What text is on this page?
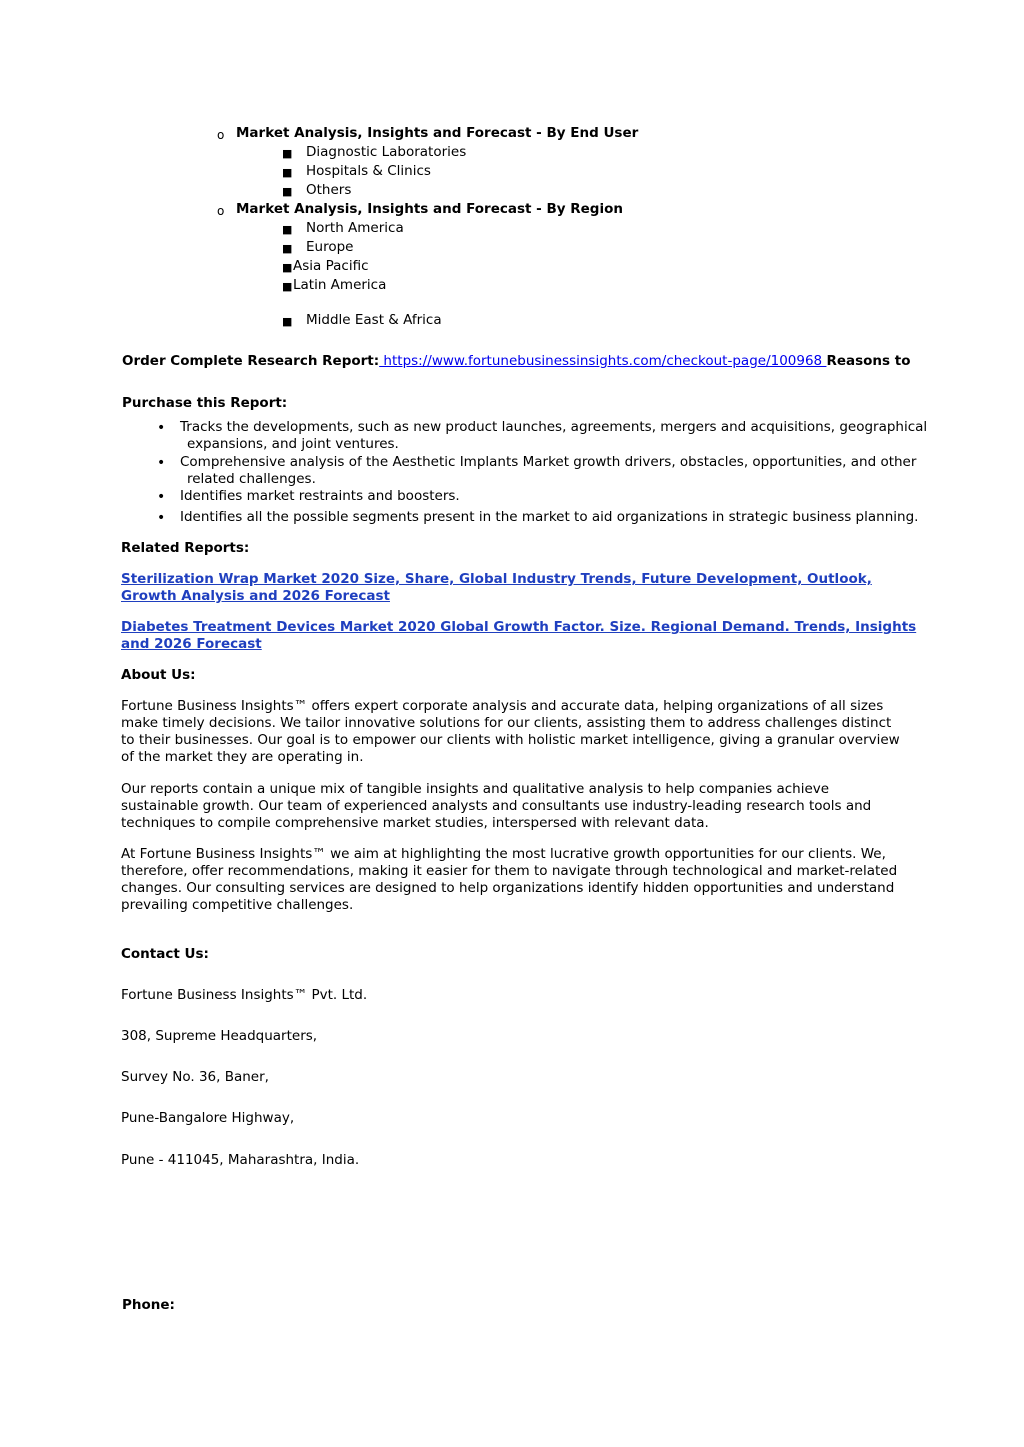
o Market Analysis, Insights and Forecast - By End User
■ Diagnostic Laboratories
■ Hospitals & Clinics
■ Others
o Market Analysis, Insights and Forecast - By Region
■ North America
■ Europe
■ Asia Pacific
■ Latin America
■ Middle East & Africa
Order Complete Research Report: https://www.fortunebusinessinsights.com/checkout-page/100968 Reasons to
Purchase this Report:
• Tracks the developments, such as new product launches, agreements, mergers and acquisitions, geographical
expansions, and joint ventures.
• Comprehensive analysis of the Aesthetic Implants Market growth drivers, obstacles, opportunities, and other
related challenges.
• Identifies market restraints and boosters.
• Identifies all the possible segments present in the market to aid organizations in strategic business planning.
Related Reports:
Sterilization Wrap Market 2020 Size, Share, Global Industry Trends, Future Development, Outlook,
Growth Analysis and 2026 Forecast
Diabetes Treatment Devices Market 2020 Global Growth Factor. Size. Regional Demand. Trends, Insights
and 2026 Forecast
About Us:
Fortune Business Insights™ offers expert corporate analysis and accurate data, helping organizations of all sizes make timely decisions. We tailor innovative solutions for our clients, assisting them to address challenges distinct to their businesses. Our goal is to empower our clients with holistic market intelligence, giving a granular overview of the market they are operating in.
Our reports contain a unique mix of tangible insights and qualitative analysis to help companies achieve sustainable growth. Our team of experienced analysts and consultants use industry-leading research tools and techniques to compile comprehensive market studies, interspersed with relevant data.
At Fortune Business Insights™ we aim at highlighting the most lucrative growth opportunities for our clients. We, therefore, offer recommendations, making it easier for them to navigate through technological and market-related changes. Our consulting services are designed to help organizations identify hidden opportunities and understand prevailing competitive challenges.
Contact Us:
Fortune Business Insights™ Pvt. Ltd.
308, Supreme Headquarters,
Survey No. 36, Baner,
Pune-Bangalore Highway,
Pune - 411045, Maharashtra, India.
Phone:
